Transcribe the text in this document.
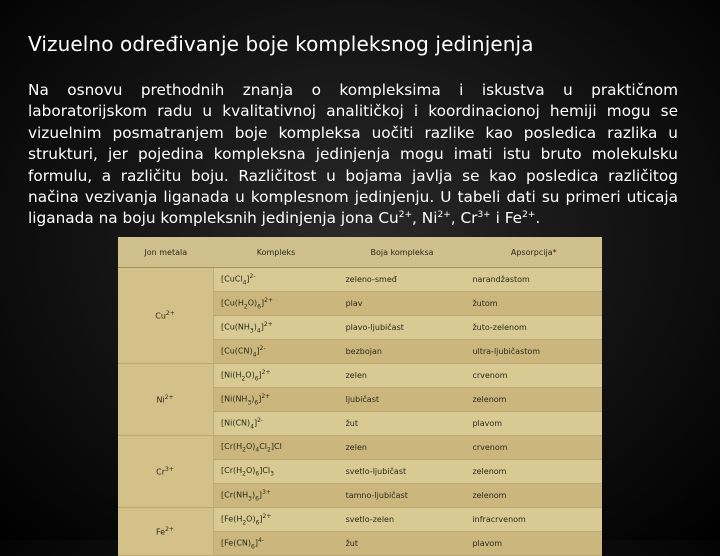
Vizuelno određivanje boje kompleksnog jedinjenja
Na osnovu prethodnih znanja o kompleksima i iskustva u praktičnom laboratorijskom radu u kvalitativnoj analitičkoj i koordinacionoj hemiji mogu se vizuelnim posmatranjem boje kompleksa uočiti razlike kao posledica razlika u strukturi, jer pojedina kompleksna jedinjenja mogu imati istu bruto molekulsku formulu, a različitu boju. Različitost u bojama javlja se kao posledica različitog načina vezivanja liganada u komplesnom jedinjenju. U tabeli dati su primeri uticaja liganada na boju kompleksnih jedinjenja jona $Cu^{2+}$, $Ni^{2+}$, $Cr^{3+}$ i $Fe^{2+}$.
Jon metala	Kompleks	Boja kompleksa	Apsorpcija*
$Cu^{2+}$	[CuCl$_4$]$^{2-}$	zeleno-smeđ	narandžastom
	$[Cu(H_2O)_6]^{2+}$	plav	žutom
	$[Cu(NH_3)_4]^{2+}$	plavo-ljubičast	žuto-zelenom
	$[Cu(CN)_4]^{2-}$	bezbojan	ultra-ljubičastom
$Ni^{2+}$	$[Ni(H_2O)_6]^{2+}$	zelen	crvenom
	$[Ni(NH_3)_6]^{2+}$	ljubičast	zelenom
	$[Ni(CN)_4]^{2-}$	žut	plavom
$Cr^{3+}$	$[Cr(H_2O)_4Cl_2]Cl$	zelen	crvenom
	$[Cr(H_2O)_6]Cl_3$	svetlo-ljubičast	zelenom
	$[Cr(NH_3)_6]^{3+}$	tamno-ljubičast	zelenom
$Fe^{2+}$	$[Fe(H_2O)_6]^{2+}$	svetlo-zelen	infracrvenom
	$[Fe(CN)_6]^{4-}$	žut	plavom
